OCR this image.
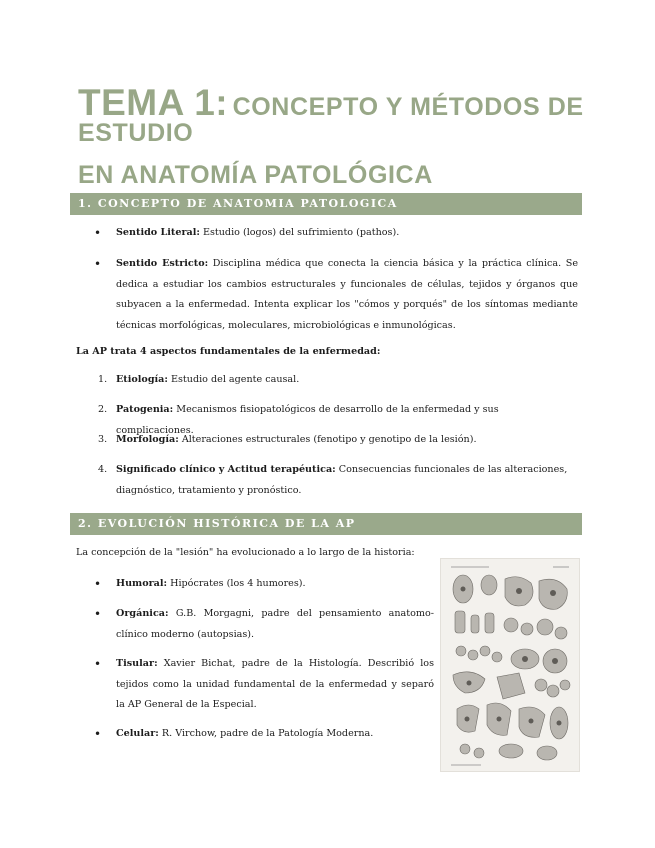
TEMA 1: CONCEPTO Y MÉTODOS DE ESTUDIO
EN ANATOMÍA PATOLÓGICA
1. CONCEPTO DE ANATOMIA PATOLOGICA
• Sentido Literal: Estudio (logos) del sufrimiento (pathos).
• Sentido Estricto: Disciplina médica que conecta la ciencia básica y la práctica clínica. Se dedica a estudiar los cambios estructurales y funcionales de células, tejidos y órganos que subyacen a la enfermedad. Intenta explicar los "cómos y porqués" de los síntomas mediante técnicas morfológicas, moleculares, microbiológicas e inmunológicas.
La AP trata 4 aspectos fundamentales de la enfermedad:
1. Etiología: Estudio del agente causal.
2. Patogenia: Mecanismos fisiopatológicos de desarrollo de la enfermedad y sus complicaciones.
3. Morfología: Alteraciones estructurales (fenotipo y genotipo de la lesión).
4. Significado clínico y Actitud terapéutica: Consecuencias funcionales de las alteraciones, diagnóstico, tratamiento y pronóstico.
2. EVOLUCIÓN HISTÓRICA DE LA AP
La concepción de la "lesión" ha evolucionado a lo largo de la historia:
• Humoral: Hipócrates (los 4 humores).
• Orgánica: G.B. Morgagni, padre del pensamiento anatomo-clínico moderno (autopsias).
• Tisular: Xavier Bichat, padre de la Histología. Describió los tejidos como la unidad fundamental de la enfermedad y separó la AP General de la Especial.
• Celular: R. Virchow, padre de la Patología Moderna.
